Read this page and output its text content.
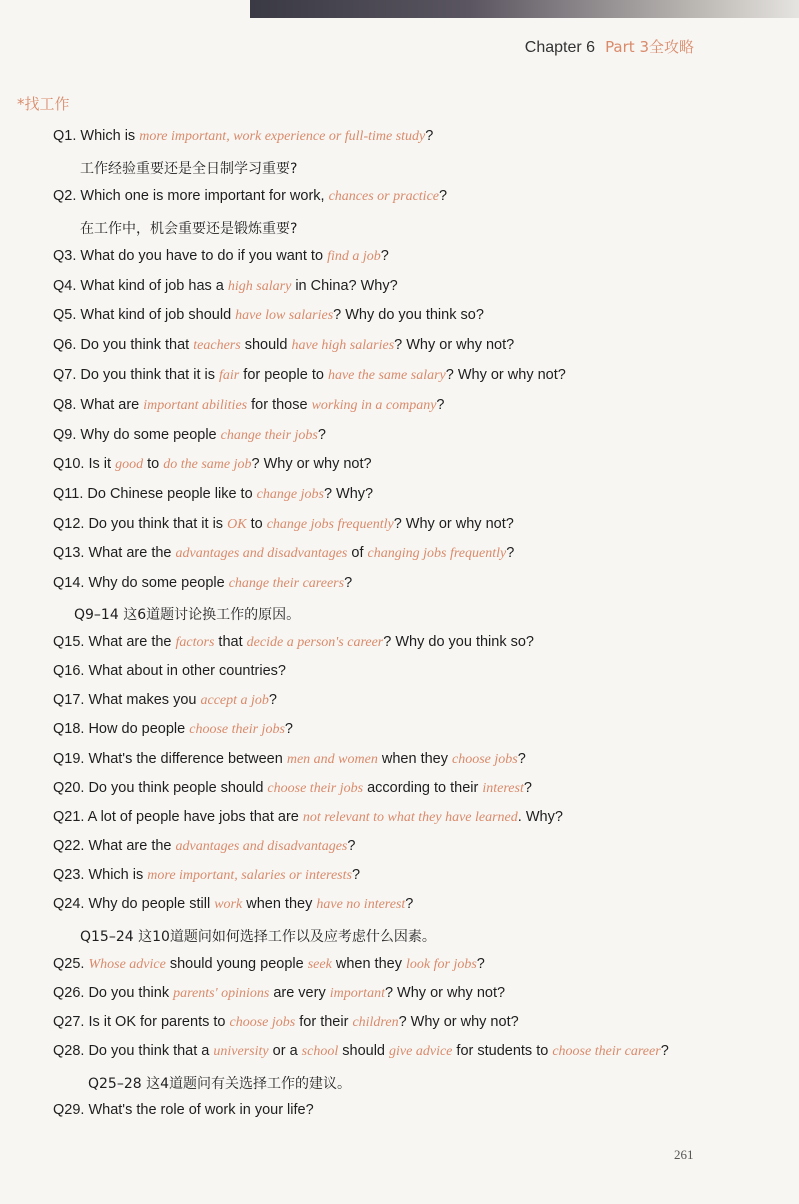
Chapter 6 Part 3全攻略
*找工作
Q1. Which is more important, work experience or full-time study?
工作经验重要还是全日制学习重要?
Q2. Which one is more important for work, chances or practice?
在工作中，机会重要还是锻炼重要?
Q3. What do you have to do if you want to find a job?
Q4. What kind of job has a high salary in China? Why?
Q5. What kind of job should have low salaries? Why do you think so?
Q6. Do you think that teachers should have high salaries? Why or why not?
Q7. Do you think that it is fair for people to have the same salary? Why or why not?
Q8. What are important abilities for those working in a company?
Q9. Why do some people change their jobs?
Q10. Is it good to do the same job? Why or why not?
Q11. Do Chinese people like to change jobs? Why?
Q12. Do you think that it is OK to change jobs frequently? Why or why not?
Q13. What are the advantages and disadvantages of changing jobs frequently?
Q14. Why do some people change their careers?
Q9–14 这6道题讨论换工作的原因。
Q15. What are the factors that decide a person's career? Why do you think so?
Q16. What about in other countries?
Q17. What makes you accept a job?
Q18. How do people choose their jobs?
Q19. What's the difference between men and women when they choose jobs?
Q20. Do you think people should choose their jobs according to their interest?
Q21. A lot of people have jobs that are not relevant to what they have learned. Why?
Q22. What are the advantages and disadvantages?
Q23. Which is more important, salaries or interests?
Q24. Why do people still work when they have no interest?
Q15–24 这10道题问如何选择工作以及应考虑什么因素。
Q25. Whose advice should young people seek when they look for jobs?
Q26. Do you think parents' opinions are very important? Why or why not?
Q27. Is it OK for parents to choose jobs for their children? Why or why not?
Q28. Do you think that a university or a school should give advice for students to choose their career?
Q25–28 这4道题问有关选择工作的建议。
Q29. What's the role of work in your life?
261
